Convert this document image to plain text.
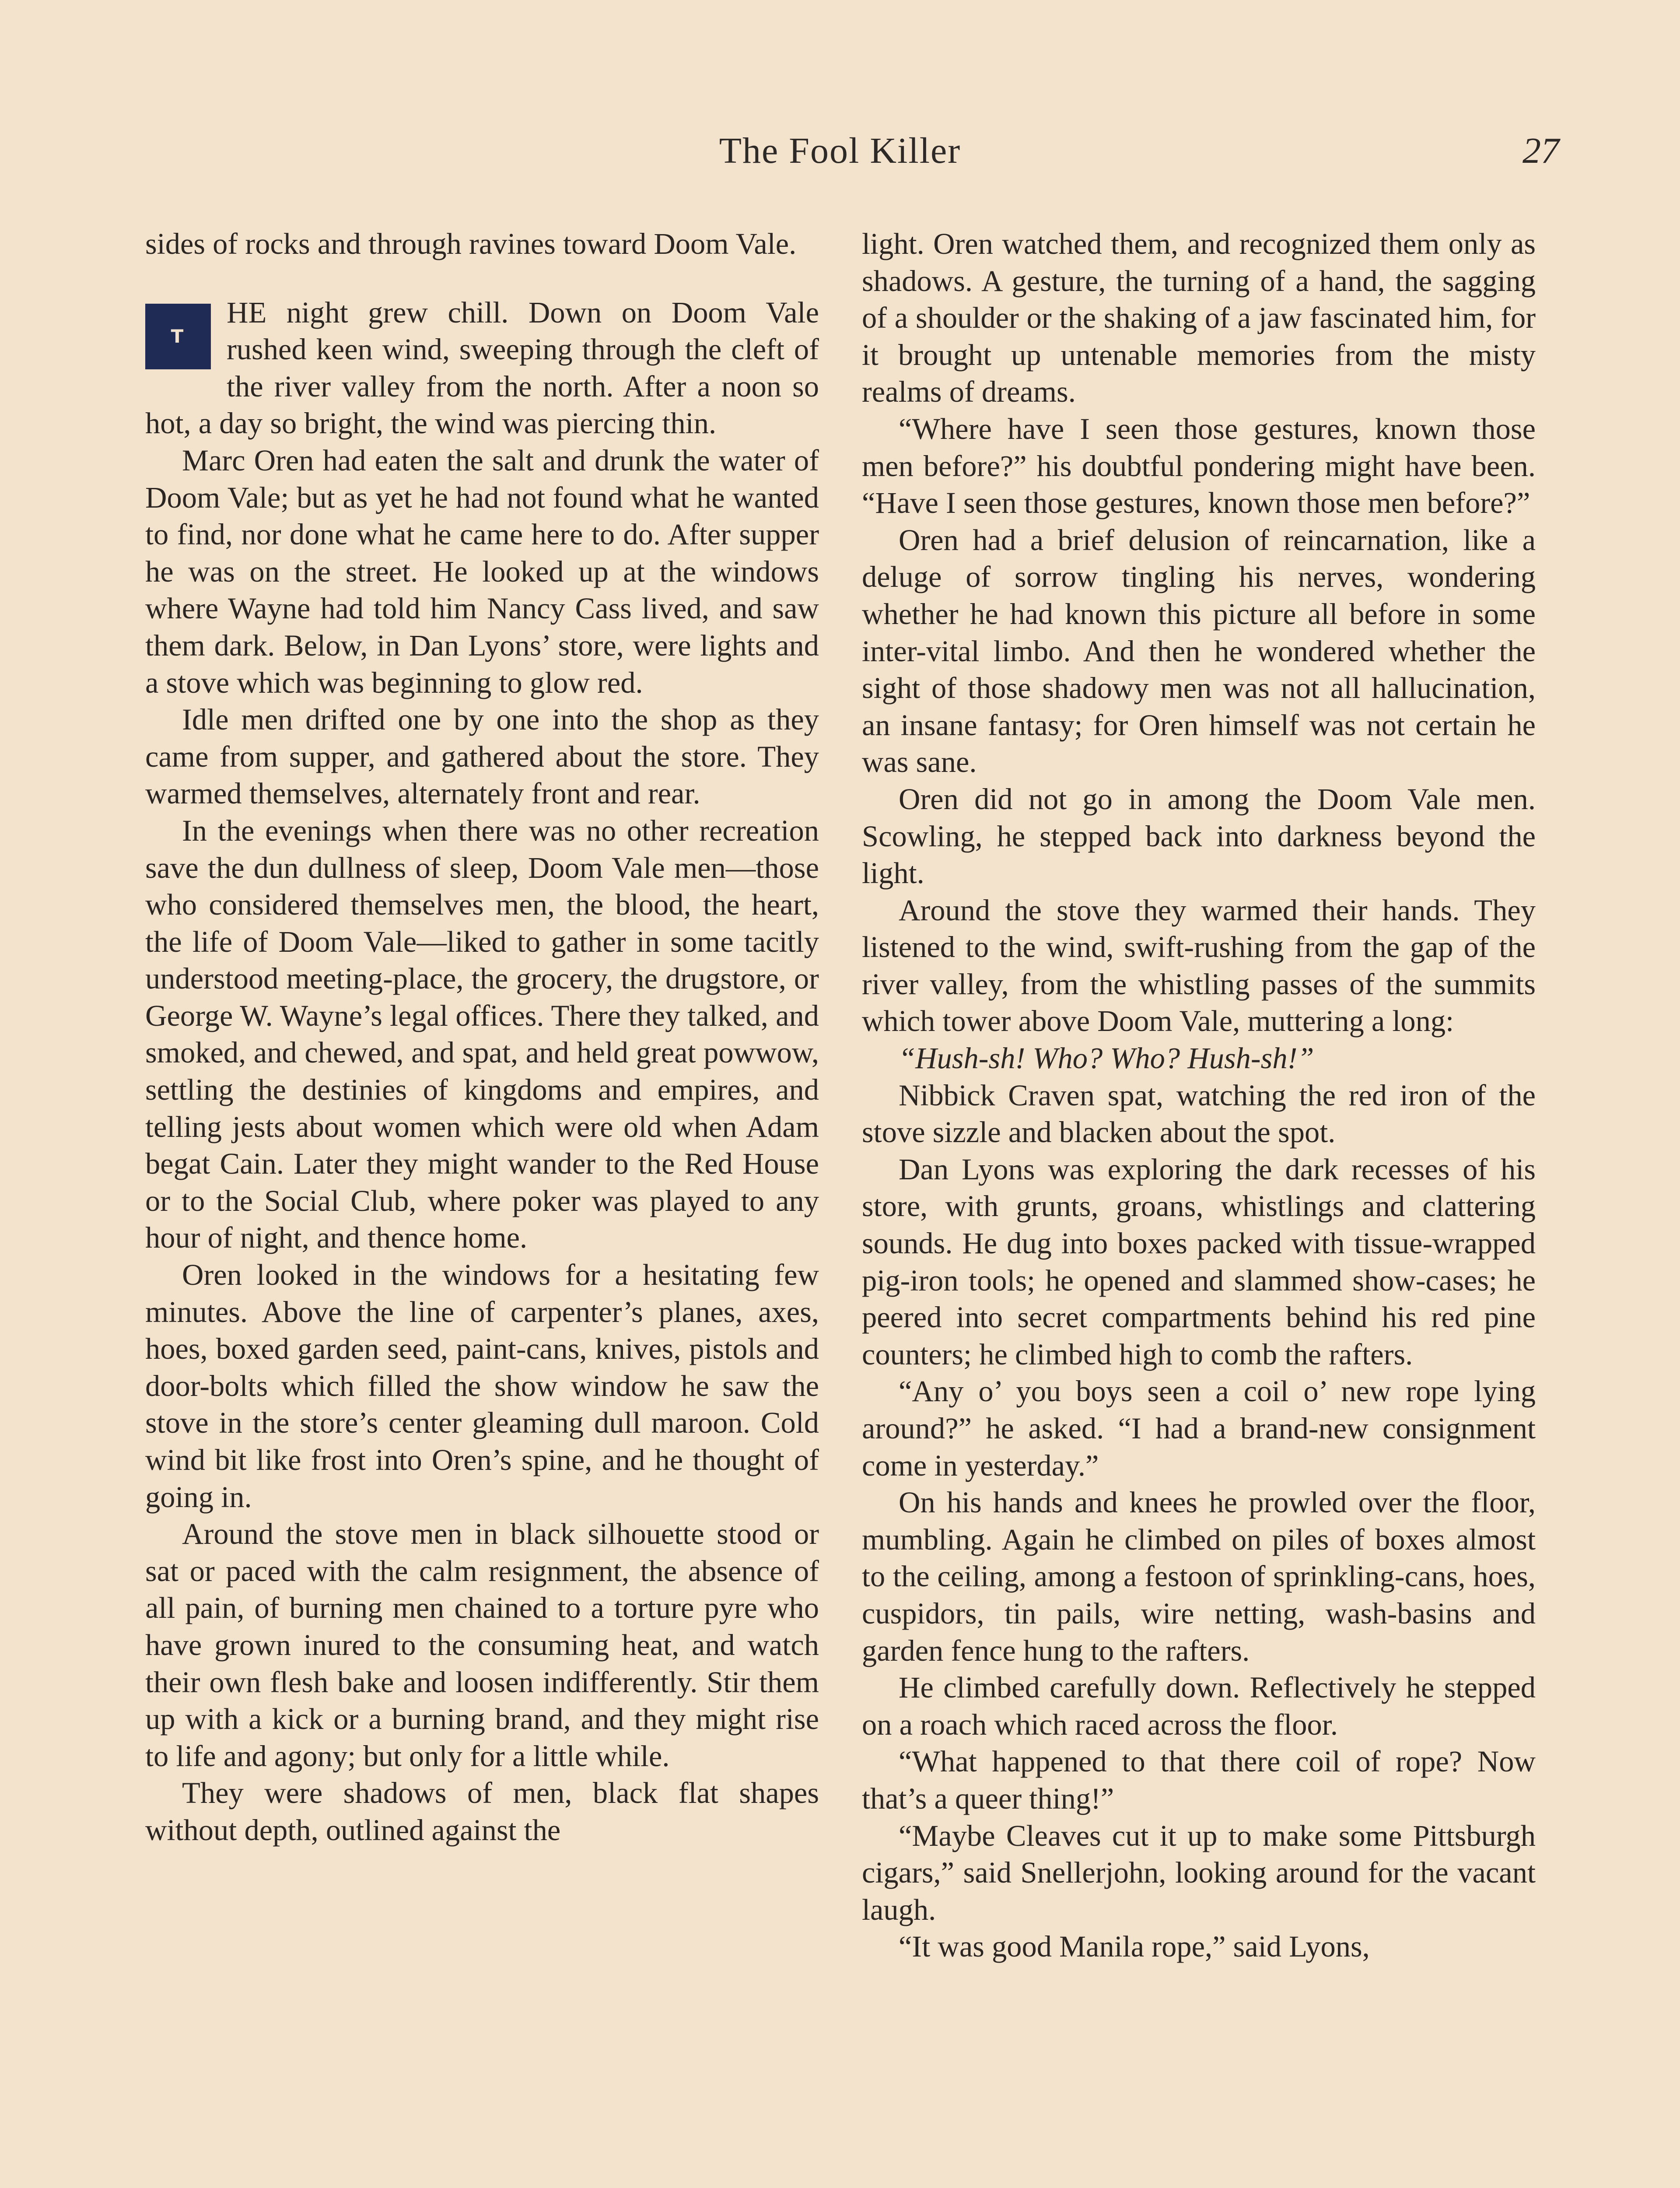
The Fool Killer	27

sides of rocks and through ravines toward Doom Vale.

T
HE night grew chill. Down on Doom Vale rushed keen wind, sweeping through the cleft of the river valley from the north. After a noon so hot, a day so bright, the wind was piercing thin.

Marc Oren had eaten the salt and drunk the water of Doom Vale; but as yet he had not found what he wanted to find, nor done what he came here to do. After supper he was on the street. He looked up at the windows where Wayne had told him Nancy Cass lived, and saw them dark. Below, in Dan Lyons’ store, were lights and a stove which was beginning to glow red.

Idle men drifted one by one into the shop as they came from supper, and gathered about the store. They warmed themselves, alternately front and rear.

In the evenings when there was no other recreation save the dun dullness of sleep, Doom Vale men—those who considered themselves men, the blood, the heart, the life of Doom Vale—liked to gather in some tacitly understood meeting-place, the grocery, the drugstore, or George W. Wayne’s legal offices. There they talked, and smoked, and chewed, and spat, and held great powwow, settling the destinies of kingdoms and empires, and telling jests about women which were old when Adam begat Cain. Later they might wander to the Red House or to the Social Club, where poker was played to any hour of night, and thence home.

Oren looked in the windows for a hesitating few minutes. Above the line of carpenter’s planes, axes, hoes, boxed garden seed, paint-cans, knives, pistols and door-bolts which filled the show window he saw the stove in the store’s center gleaming dull maroon. Cold wind bit like frost into Oren’s spine, and he thought of going in.

Around the stove men in black silhouette stood or sat or paced with the calm resignment, the absence of all pain, of burning men chained to a torture pyre who have grown inured to the consuming heat, and watch their own flesh bake and loosen indifferently. Stir them up with a kick or a burning brand, and they might rise to life and agony; but only for a little while.

They were shadows of men, black flat shapes without depth, outlined against the

light. Oren watched them, and recognized them only as shadows. A gesture, the turning of a hand, the sagging of a shoulder or the shaking of a jaw fascinated him, for it brought up untenable memories from the misty realms of dreams.

“Where have I seen those gestures, known those men before?” his doubtful pondering might have been. “Have I seen those gestures, known those men before?”

Oren had a brief delusion of reincarnation, like a deluge of sorrow tingling his nerves, wondering whether he had known this picture all before in some inter-vital limbo. And then he wondered whether the sight of those shadowy men was not all hallucination, an insane fantasy; for Oren himself was not certain he was sane.

Oren did not go in among the Doom Vale men. Scowling, he stepped back into darkness beyond the light.

Around the stove they warmed their hands. They listened to the wind, swift-rushing from the gap of the river valley, from the whistling passes of the summits which tower above Doom Vale, muttering a long:

“Hush-sh! Who? Who? Hush-sh!”

Nibbick Craven spat, watching the red iron of the stove sizzle and blacken about the spot.

Dan Lyons was exploring the dark recesses of his store, with grunts, groans, whistlings and clattering sounds. He dug into boxes packed with tissue-wrapped pig-iron tools; he opened and slammed show-cases; he peered into secret compartments behind his red pine counters; he climbed high to comb the rafters.

“Any o’ you boys seen a coil o’ new rope lying around?” he asked. “I had a brand-new consignment come in yesterday.”

On his hands and knees he prowled over the floor, mumbling. Again he climbed on piles of boxes almost to the ceiling, among a festoon of sprinkling-cans, hoes, cuspidors, tin pails, wire netting, wash-basins and garden fence hung to the rafters.

He climbed carefully down. Reflectively he stepped on a roach which raced across the floor.

“What happened to that there coil of rope? Now that’s a queer thing!”

“Maybe Cleaves cut it up to make some Pittsburgh cigars,” said Snellerjohn, looking around for the vacant laugh.

“It was good Manila rope,” said Lyons,
